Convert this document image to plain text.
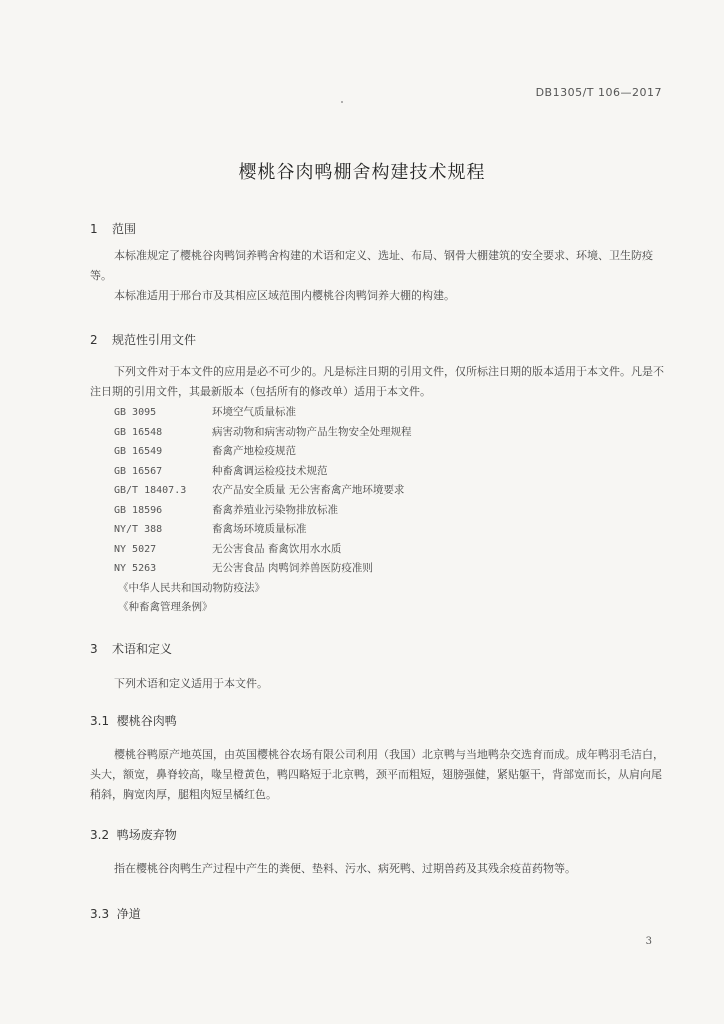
DB1305/T 106—2017
樱桃谷肉鸭棚舍构建技术规程
1 范围

本标准规定了樱桃谷肉鸭饲养鸭舍构建的术语和定义、选址、布局、钢骨大棚建筑的安全要求、环境、卫生防疫等。

本标准适用于邢台市及其相应区域范围内樱桃谷肉鸭饲养大棚的构建。

2 规范性引用文件

下列文件对于本文件的应用是必不可少的。凡是标注日期的引用文件，仅所标注日期的版本适用于本文件。凡是不注日期的引用文件，其最新版本（包括所有的修改单）适用于本文件。

GB 3095	环境空气质量标准
GB 16548	病害动物和病害动物产品生物安全处理规程
GB 16549	畜禽产地检疫规范
GB 16567	种畜禽调运检疫技术规范
GB/T 18407.3	农产品安全质量 无公害畜禽产地环境要求
GB 18596	畜禽养殖业污染物排放标准
NY/T 388	畜禽场环境质量标准
NY 5027	无公害食品 畜禽饮用水水质
NY 5263	无公害食品 肉鸭饲养兽医防疫准则
《中华人民共和国动物防疫法》
《种畜禽管理条例》
3 术语和定义

下列术语和定义适用于本文件。

3.1 樱桃谷肉鸭

樱桃谷鸭原产地英国，由英国樱桃谷农场有限公司利用（我国）北京鸭与当地鸭杂交选育而成。成年鸭羽毛洁白，头大，额宽，鼻脊较高，喙呈橙黄色，鸭四略短于北京鸭，颈平而粗短，翅膀强健，紧贴躯干，背部宽而长，从肩向尾稍斜，胸宽肉厚，腿粗肉短呈橘红色。

3.2 鸭场废弃物

指在樱桃谷肉鸭生产过程中产生的粪便、垫料、污水、病死鸭、过期兽药及其残余疫苗药物等。

3.3 净道
3
